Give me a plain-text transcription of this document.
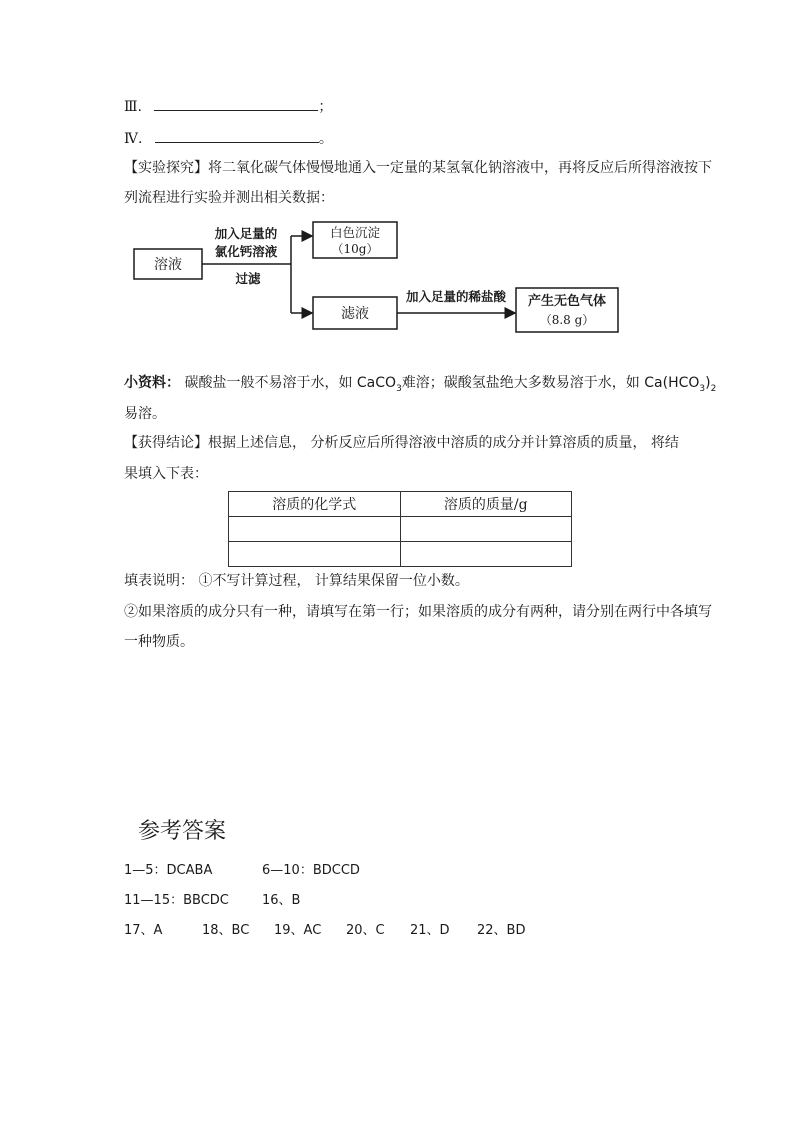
Ⅲ.	；
Ⅳ.	。
【实验探究】将二氧化碳气体慢慢地通入一定量的某氢氧化钠溶液中，再将反应后所得溶液按下
列流程进行实验并测出相关数据：
溶液
加入足量的
氯化钙溶液
过滤
白色沉淀
（10g）
滤液
加入足量的稀盐酸 产生无色气体
（8.8 g）
小资料： 碳酸盐一般不易溶于水，如 CaCO$_3$难溶；碳酸氢盐绝大多数易溶于水，如 $Ca(HCO_3)_2$
易溶。
【获得结论】根据上述信息， 分析反应后所得溶液中溶质的成分并计算溶质的质量， 将结
果填入下表：
溶质的化学式	溶质的质量/g

填表说明： ①不写计算过程， 计算结果保留一位小数。
②如果溶质的成分只有一种，请填写在第一行；如果溶质的成分有两种，请分别在两行中各填写
一种物质。
参考答案
1—5：DCABA	6—10：BDCCD
11—15：BBCDC	16、B
17、A	18、BC 19、AC 20、C 21、D 22、BD
